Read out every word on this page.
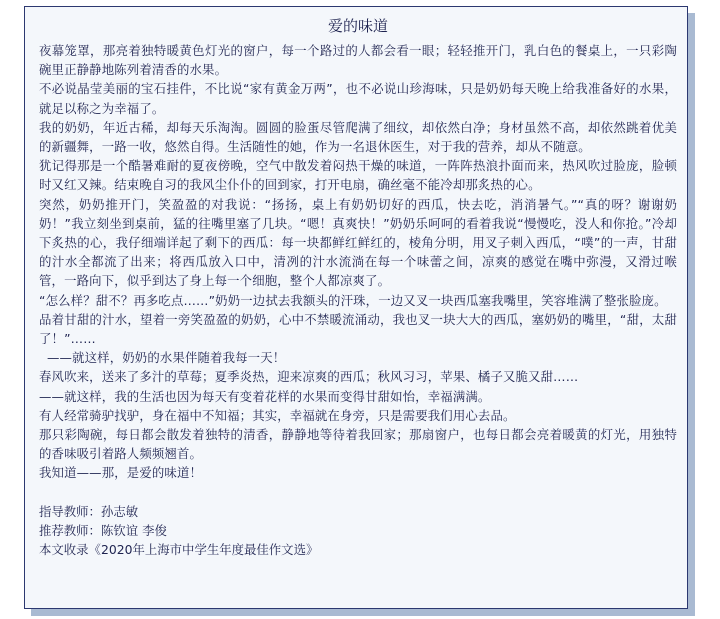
爱的味道

夜幕笼罩，那亮着独特暖黄色灯光的窗户，每一个路过的人都会看一眼；轻轻推开门，乳白色的餐桌上，一只彩陶碗里正静静地陈列着清香的水果。

不必说晶莹美丽的宝石挂件，不比说“家有黄金万两”，也不必说山珍海味，只是奶奶每天晚上给我准备好的水果，就足以称之为幸福了。

我的奶奶，年近古稀，却每天乐淘淘。圆圆的脸蛋尽管爬满了细纹，却依然白净；身材虽然不高，却依然跳着优美的新疆舞，一路一收，悠然自得。生活随性的她，作为一名退休医生，对于我的营养，却从不随意。

犹记得那是一个酷暑难耐的夏夜傍晚，空气中散发着闷热干燥的味道，一阵阵热浪扑面而来，热风吹过脸庞，脸顿时又红又辣。结束晚自习的我风尘仆仆的回到家，打开电扇，确丝毫不能冷却那炙热的心。

突然，奶奶推开门，笑盈盈的对我说：“扬扬，桌上有奶奶切好的西瓜，快去吃，消消暑气。”“真的呀？谢谢奶奶！”我立刻坐到桌前，猛的往嘴里塞了几块。“嗯！真爽快！”奶奶乐呵呵的看着我说“慢慢吃，没人和你抢。”冷却下炙热的心，我仔细端详起了剩下的西瓜：每一块都鲜红鲜红的，棱角分明，用叉子刺入西瓜，“噗”的一声，甘甜的汁水全都流了出来；将西瓜放入口中，清冽的汁水流淌在每一个味蕾之间，凉爽的感觉在嘴中弥漫，又滑过喉管，一路向下，似乎到达了身上每一个细胞，整个人都凉爽了。

“怎么样？甜不？再多吃点……”奶奶一边拭去我额头的汗珠，一边又叉一块西瓜塞我嘴里，笑容堆满了整张脸庞。

品着甘甜的汁水，望着一旁笑盈盈的奶奶，心中不禁暖流涌动，我也叉一块大大的西瓜，塞奶奶的嘴里，“甜，太甜了！”……

——就这样，奶奶的水果伴随着我每一天！

春风吹来，送来了多汁的草莓；夏季炎热，迎来凉爽的西瓜；秋风习习，苹果、橘子又脆又甜……

——就这样，我的生活也因为每天有变着花样的水果而变得甘甜如怡，幸福满满。

有人经常骑驴找驴，身在福中不知福；其实，幸福就在身旁，只是需要我们用心去品。

那只彩陶碗，每日都会散发着独特的清香，静静地等待着我回家；那扇窗户，也每日都会亮着暖黄的灯光，用独特的香味吸引着路人频频翘首。

我知道——那，是爱的味道！

指导教师：孙志敏

推荐教师：陈钦谊 李俊

本文收录《2020年上海市中学生年度最佳作文选》
